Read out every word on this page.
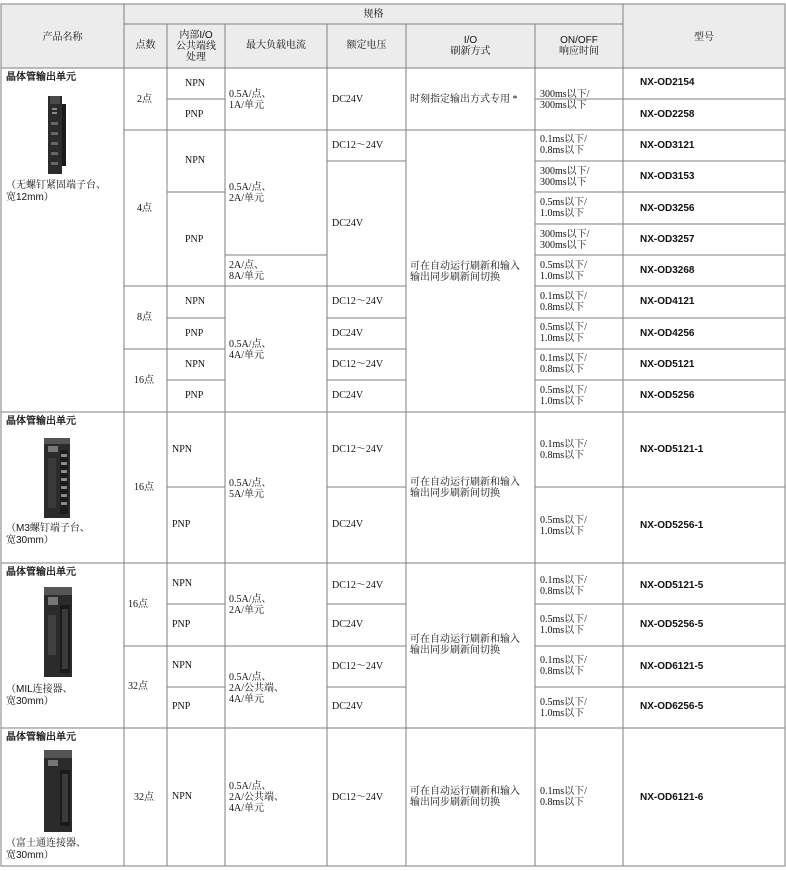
产品名称
规格
型号
点数
内部I/O
公共端线
处理
最大负载电流	额定电压	I/O
刷新方式
ON/OFF
响应时间
晶体管输出单元
（无螺钉紧固端子台、
宽12mm）
晶体管输出单元
（M3螺钉端子台、
宽30mm）
晶体管输出单元
（MIL连接器、
宽30mm）
晶体管输出单元
（富士通连接器、
宽30mm）
2点
4点
8点
16点
16点
16点
32点
32点
NPN
PNP
NPN
PNP
NPN
PNP
NPN
PNP
NPN
PNP
NPN
PNP
NPN
PNP
NPN
0.5A/点、
1A/单元
0.5A/点、
2A/单元
2A/点、
8A/单元
0.5A/点、
4A/单元
0.5A/点、
5A/单元
0.5A/点、
2A/单元
0.5A/点、
2A/公共端、
4A/单元
0.5A/点、
2A/公共端、
4A/单元
DC24V
DC12～24V
DC24V
DC12～24V
DC24V
DC12～24V
DC24V
DC12～24V
DC24V
DC12～24V
DC24V
DC12～24V
DC24V
DC12～24V
时刻指定输出方式专用 *
可在自动运行刷新和输入
输出同步刷新间切换
可在自动运行刷新和输入
输出同步刷新间切换
可在自动运行刷新和输入
输出同步刷新间切换
可在自动运行刷新和输入
输出同步刷新间切换
300ms以下/
300ms以下
0.1ms以下/
0.8ms以下
300ms以下/
300ms以下
0.5ms以下/
1.0ms以下
300ms以下/
300ms以下
0.5ms以下/
1.0ms以下
0.1ms以下/
0.8ms以下
0.5ms以下/
1.0ms以下
0.1ms以下/
0.8ms以下
0.5ms以下/
1.0ms以下
0.1ms以下/
0.8ms以下
0.5ms以下/
1.0ms以下
0.1ms以下/
0.8ms以下
0.5ms以下/
1.0ms以下
0.1ms以下/
0.8ms以下
0.5ms以下/
1.0ms以下
0.1ms以下/
0.8ms以下
NX-OD2154
NX-OD2258
NX-OD3121
NX-OD3153
NX-OD3256
NX-OD3257
NX-OD3268
NX-OD4121
NX-OD4256
NX-OD5121
NX-OD5256
NX-OD5121-1
NX-OD5256-1
NX-OD5121-5
NX-OD5256-5
NX-OD6121-5
NX-OD6256-5
NX-OD6121-6
